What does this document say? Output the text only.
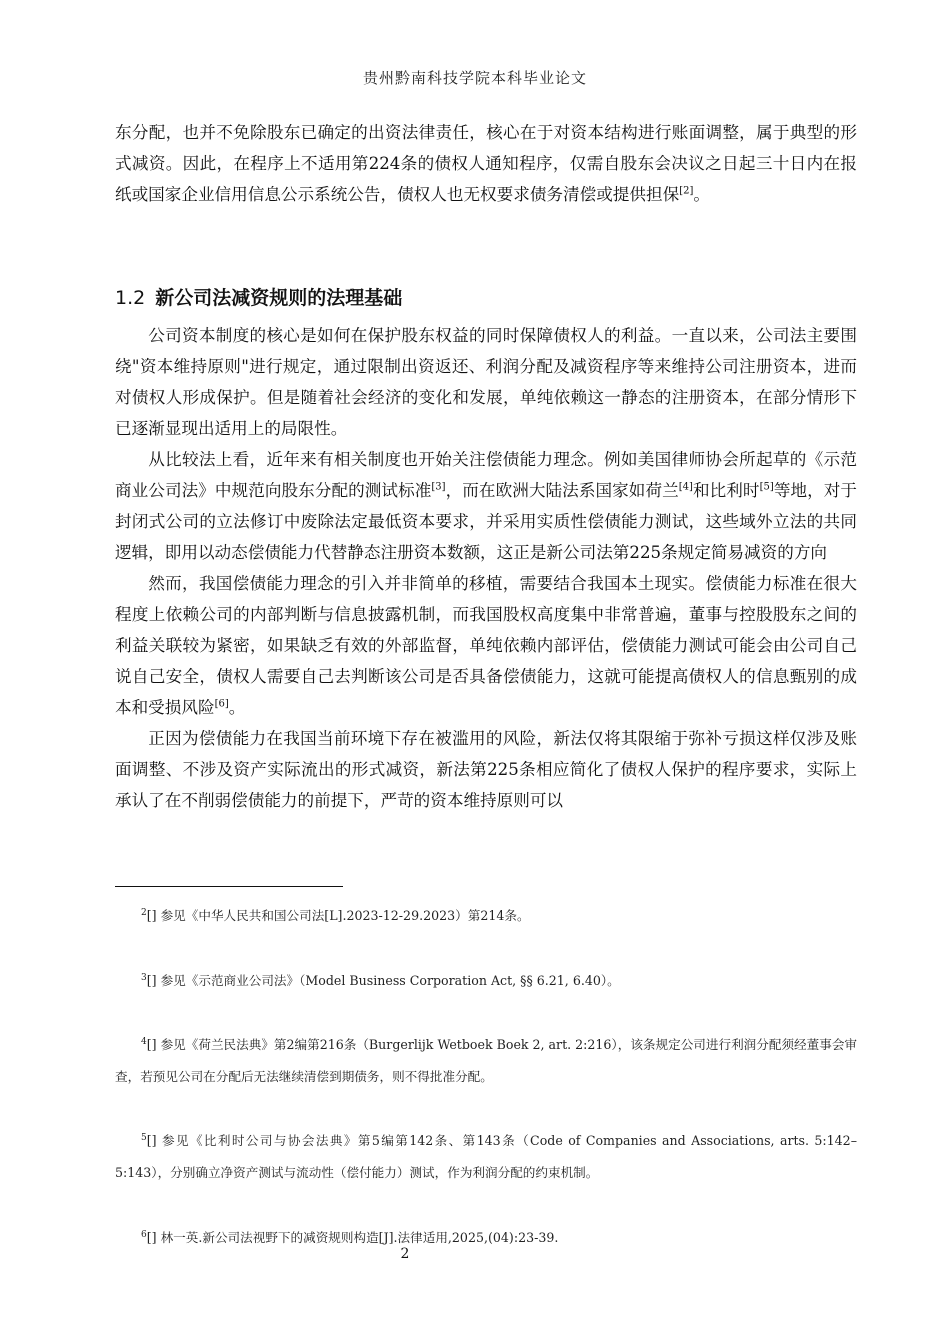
贵州黔南科技学院本科毕业论文

东分配，也并不免除股东已确定的出资法律责任，核心在于对资本结构进行账面调整，属于典型的形式减资。因此，在程序上不适用第224条的债权人通知程序，仅需自股东会决议之日起三十日内在报纸或国家企业信用信息公示系统公告，债权人也无权要求债务清偿或提供担保[2]。

1.2 新公司法减资规则的法理基础

公司资本制度的核心是如何在保护股东权益的同时保障债权人的利益。一直以来，公司法主要围绕"资本维持原则"进行规定，通过限制出资返还、利润分配及减资程序等来维持公司注册资本，进而对债权人形成保护。但是随着社会经济的变化和发展，单纯依赖这一静态的注册资本，在部分情形下已逐渐显现出适用上的局限性。

从比较法上看，近年来有相关制度也开始关注偿债能力理念。例如美国律师协会所起草的《示范商业公司法》中规范向股东分配的测试标准[3]，而在欧洲大陆法系国家如荷兰[4]和比利时[5]等地，对于封闭式公司的立法修订中废除法定最低资本要求，并采用实质性偿债能力测试，这些域外立法的共同逻辑，即用以动态偿债能力代替静态注册资本数额，这正是新公司法第225条规定简易减资的方向

然而，我国偿债能力理念的引入并非简单的移植，需要结合我国本土现实。偿债能力标准在很大程度上依赖公司的内部判断与信息披露机制，而我国股权高度集中非常普遍，董事与控股股东之间的利益关联较为紧密，如果缺乏有效的外部监督，单纯依赖内部评估，偿债能力测试可能会由公司自己说自己安全，债权人需要自己去判断该公司是否具备偿债能力，这就可能提高债权人的信息甄别的成本和受损风险[6]。

正因为偿债能力在我国当前环境下存在被滥用的风险，新法仅将其限缩于弥补亏损这样仅涉及账面调整、不涉及资产实际流出的形式减资，新法第225条相应简化了债权人保护的程序要求，实际上承认了在不削弱偿债能力的前提下，严苛的资本维持原则可以

$^2$[] 参见《中华人民共和国公司法[L].2023-12-29.2023）第214条。

$^3$[] 参见《示范商业公司法》（Model Business Corporation Act, §§ 6.21, 6.40）。

$^4$[] 参见《荷兰民法典》第2编第216条（Burgerlijk Wetboek Boek 2, art. 2:216），该条规定公司进行利润分配须经董事会审查，若预见公司在分配后无法继续清偿到期债务，则不得批准分配。

$^5$[] 参见《比利时公司与协会法典》第5编第142条、第143条（Code of Companies and Associations, arts. 5:142–5:143），分别确立净资产测试与流动性（偿付能力）测试，作为利润分配的约束机制。

$^6$[] 林一英.新公司法视野下的减资规则构造[J].法律适用,2025,(04):23-39.

2
